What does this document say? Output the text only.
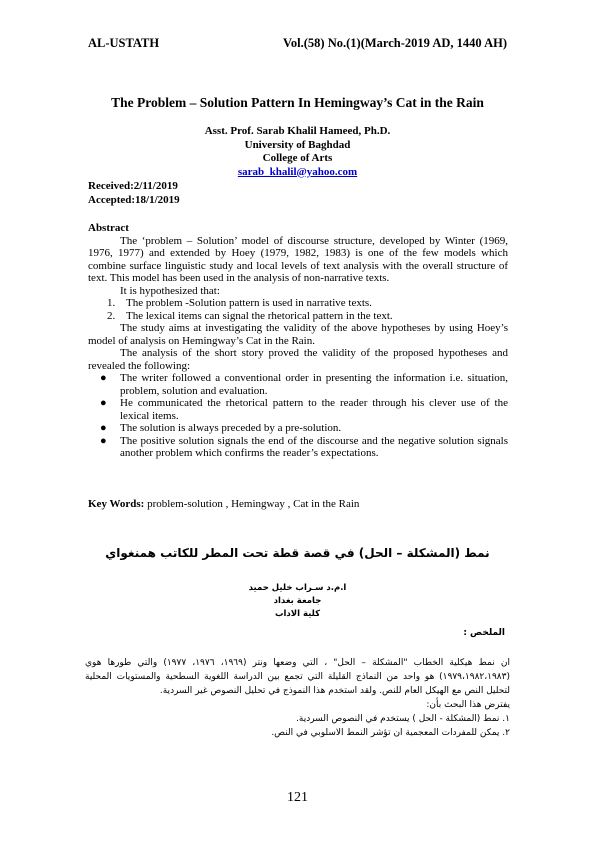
AL-USTATH	Vol.(58) No.(1)(March-2019 AD, 1440 AH)
The Problem – Solution Pattern In Hemingway’s Cat in the Rain
Asst. Prof. Sarab Khalil Hameed, Ph.D.
University of Baghdad
College of Arts
sarab_khalil@yahoo.com
Received:2/11/2019
Accepted:18/1/2019

Abstract

The ‘problem – Solution’ model of discourse structure, developed by Winter (1969, 1976, 1977) and extended by Hoey (1979, 1982, 1983) is one of the few models which combine surface linguistic study and local levels of text analysis with the overall structure of text. This model has been used in the analysis of non-narrative texts.

It is hypothesized that:

1. The problem -Solution pattern is used in narrative texts.
2. The lexical items can signal the rhetorical pattern in the text.

The study aims at investigating the validity of the above hypotheses by using Hoey’s model of analysis on Hemingway’s Cat in the Rain.

The analysis of the short story proved the validity of the proposed hypotheses and revealed the following:

● The writer followed a conventional order in presenting the information i.e. situation, problem, solution and evaluation.
● He communicated the rhetorical pattern to the reader through his clever use of the lexical items.
● The solution is always preceded by a pre-solution.
● The positive solution signals the end of the discourse and the negative solution signals another problem which confirms the reader’s expectations.
Key Words: problem-solution , Hemingway , Cat in the Rain
نمط (المشكلة – الحل) في قصة قطة تحت المطر للكاتب همنغواي
ا.م.د سـراب خليل حميد
جامعة بغداد
كلية الاداب
الملخص :

ان نمط هيكلية الخطاب "المشكلة – الحل" ، التي وضعها ونتر (١٩٦٩، ١٩٧٦، ١٩٧٧) والتي طورها هوي (١٩٧٩،١٩٨٢،١٩٨٣) هو واحد من النماذج القليلة التي تجمع بين الدراسة اللغوية السطحية والمستويات المحلية لتحليل النص مع الهيكل العام للنص. ولقد استخدم هذا النموذج في تحليل النصوص غير السردية.

يفترض هذا البحث بأن:

١. نمط (المشكلة - الحل ) يستخدم في النصوص السردية.

٢. يمكن للمفردات المعجمية ان تؤشر النمط الاسلوبي في النص.

121
